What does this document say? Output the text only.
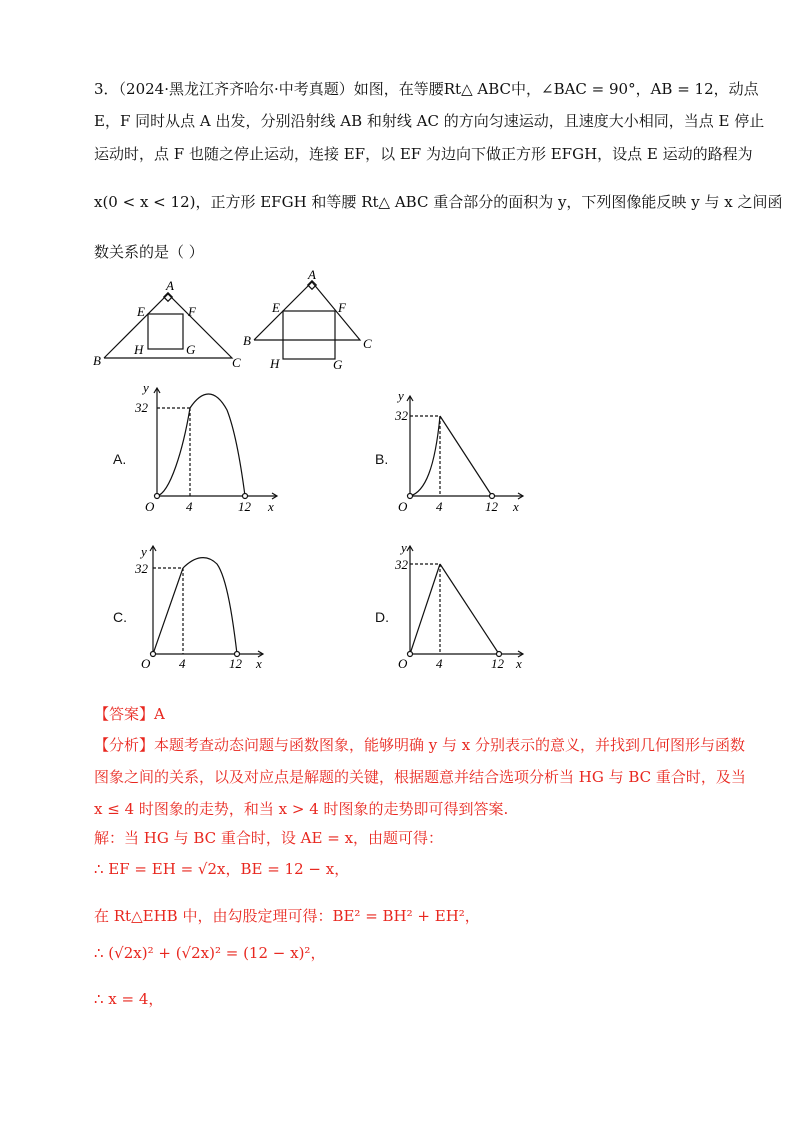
3．（2024·黑龙江齐齐哈尔·中考真题）如图，在等腰Rt△ ABC中，∠BAC = 90°，AB = 12，动点
E，F 同时从点 A 出发，分别沿射线 AB 和射线 AC 的方向匀速运动，且速度大小相同，当点 E 停止
运动时，点 F 也随之停止运动，连接 EF，以 EF 为边向下做正方形 EFGH，设点 E 运动的路程为
x(0 < x < 12)，正方形 EFGH 和等腰 Rt△ ABC 重合部分的面积为 y，下列图像能反映 y 与 x 之间函
数关系的是（ ）
A
E	F
H	G
B	C
A
E	F
B	C
H	G
A.	B.
C.	D.
y
32
O 4	12 x
y
32
O 4	12 x
y
32
O 4	12 x
y
32
O 4	12 x
【答案】A
【分析】本题考查动态问题与函数图象，能够明确 y 与 x 分别表示的意义，并找到几何图形与函数
图象之间的关系，以及对应点是解题的关键，根据题意并结合选项分析当 HG 与 BC 重合时，及当
x ≤ 4 时图象的走势，和当 x > 4 时图象的走势即可得到答案.
解：当 HG 与 BC 重合时，设 AE = x，由题可得：
∴ EF = EH = √2x，BE = 12 − x，
在 Rt△EHB 中，由勾股定理可得：BE² = BH² + EH²，
∴ (√2x)² + (√2x)² = (12 − x)²，
∴ x = 4，
